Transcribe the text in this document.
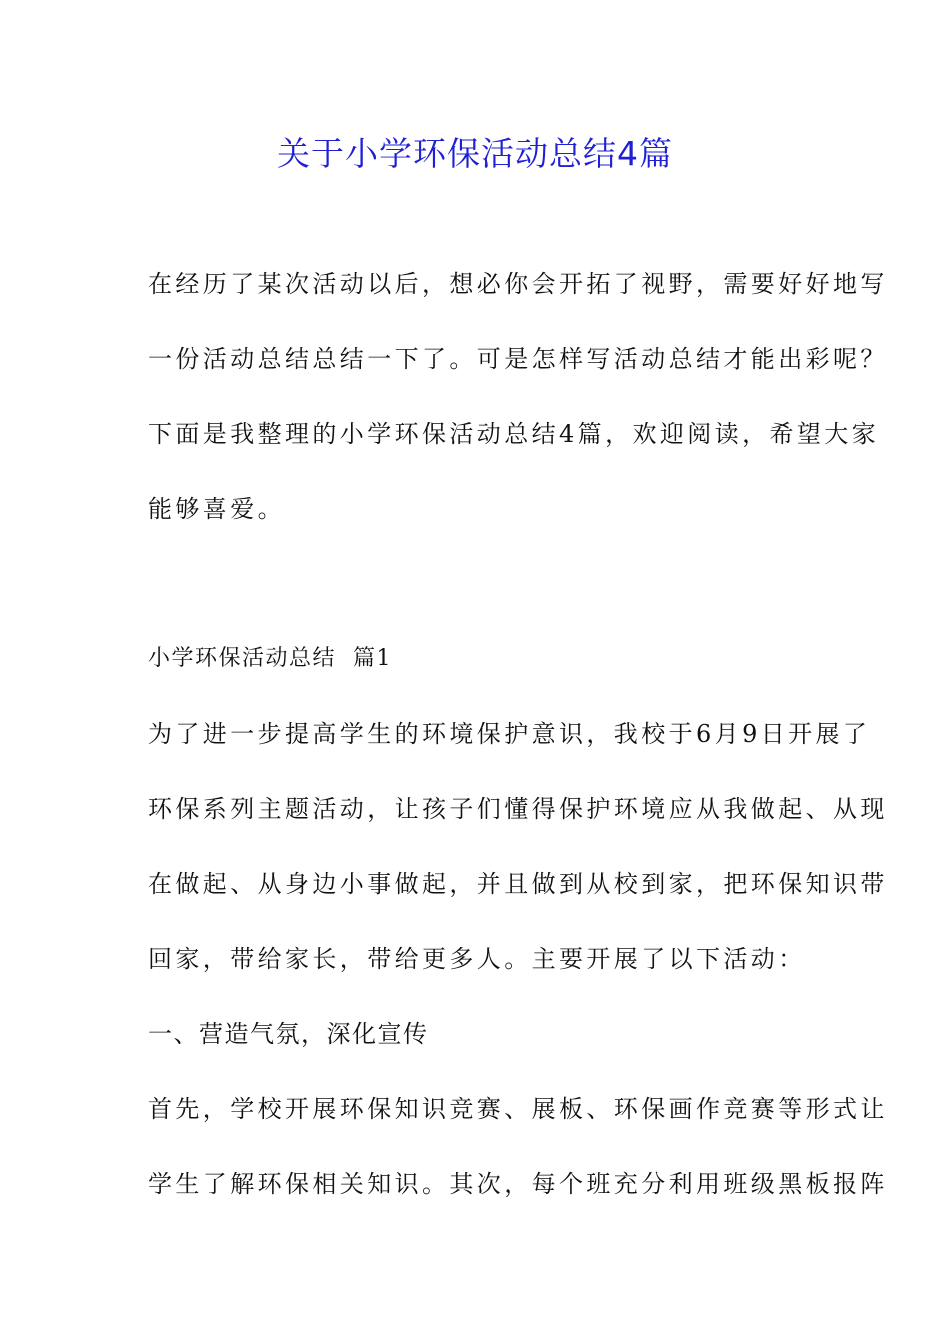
关于小学环保活动总结4篇
在经历了某次活动以后，想必你会开拓了视野，需要好好地写
一份活动总结总结一下了。可是怎样写活动总结才能出彩呢？
下面是我整理的小学环保活动总结4篇，欢迎阅读，希望大家
能够喜爱。
小学环保活动总结  篇1
为了进一步提高学生的环境保护意识，我校于6月9日开展了
环保系列主题活动，让孩子们懂得保护环境应从我做起、从现
在做起、从身边小事做起，并且做到从校到家，把环保知识带
回家，带给家长，带给更多人。主要开展了以下活动：
一、营造气氛，深化宣传
首先，学校开展环保知识竞赛、展板、环保画作竞赛等形式让
学生了解环保相关知识。其次，每个班充分利用班级黑板报阵
